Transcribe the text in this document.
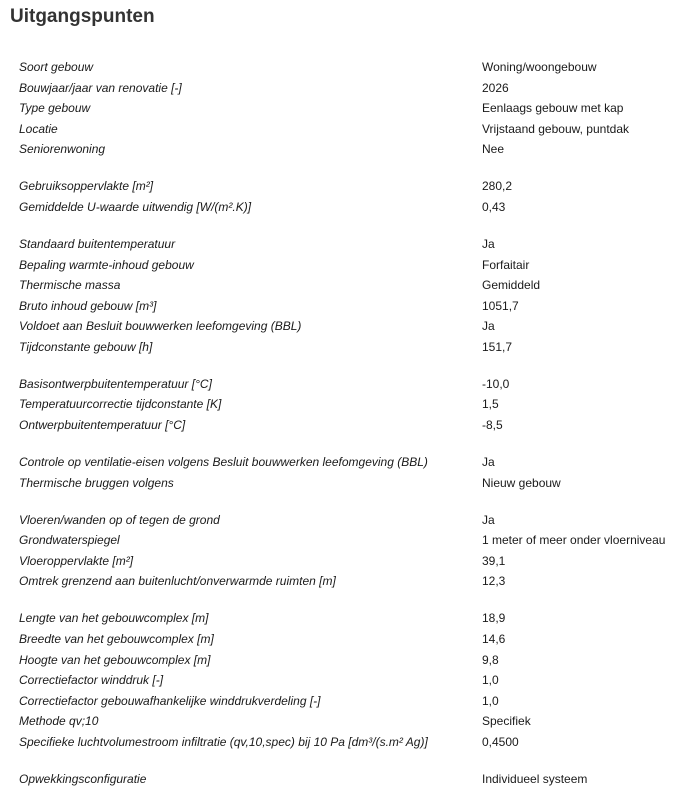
Uitgangspunten
Soort gebouw	Woning/woongebouw
Bouwjaar/jaar van renovatie [-]	2026
Type gebouw	Eenlaags gebouw met kap
Locatie	Vrijstaand gebouw, puntdak
Seniorenwoning	Nee
Gebruiksoppervlakte [m²]	280,2
Gemiddelde U-waarde uitwendig [W/(m².K)]	0,43
Standaard buitentemperatuur	Ja
Bepaling warmte-inhoud gebouw	Forfaitair
Thermische massa	Gemiddeld
Bruto inhoud gebouw [m³]	1051,7
Voldoet aan Besluit bouwwerken leefomgeving (BBL)	Ja
Tijdconstante gebouw [h]	151,7
Basisontwerpbuitentemperatuur [°C]	-10,0
Temperatuurcorrectie tijdconstante [K]	1,5
Ontwerpbuitentemperatuur [°C]	-8,5
Controle op ventilatie-eisen volgens Besluit bouwwerken leefomgeving (BBL)	Ja
Thermische bruggen volgens	Nieuw gebouw
Vloeren/wanden op of tegen de grond	Ja
Grondwaterspiegel	1 meter of meer onder vloerniveau
Vloeroppervlakte [m²]	39,1
Omtrek grenzend aan buitenlucht/onverwarmde ruimten [m]	12,3
Lengte van het gebouwcomplex [m]	18,9
Breedte van het gebouwcomplex [m]	14,6
Hoogte van het gebouwcomplex [m]	9,8
Correctiefactor winddruk [-]	1,0
Correctiefactor gebouwafhankelijke winddrukverdeling [-]	1,0
Methode qv;10	Specifiek
Specifieke luchtvolumestroom infiltratie (qv,10,spec) bij 10 Pa [dm³/(s.m² Ag)]	0,4500
Opwekkingsconfiguratie	Individueel systeem
